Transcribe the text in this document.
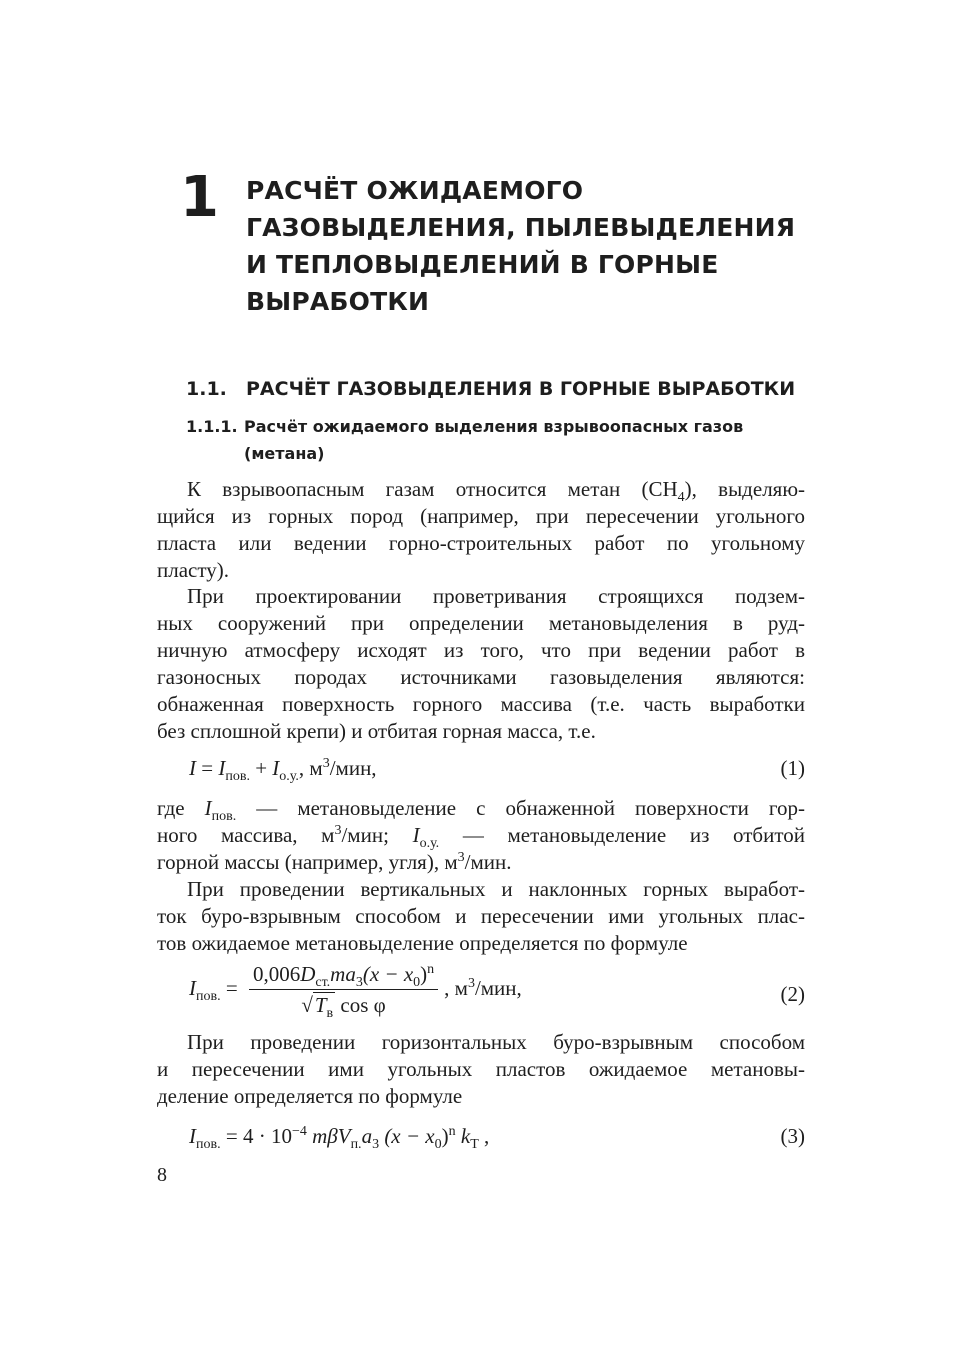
1 РАСЧЁТ ОЖИДАЕМОГО
ГАЗОВЫДЕЛЕНИЯ, ПЫЛЕВЫДЕЛЕНИЯ
И ТЕПЛОВЫДЕЛЕНИЙ В ГОРНЫЕ
ВЫРАБОТКИ
1.1. РАСЧЁТ ГАЗОВЫДЕЛЕНИЯ В ГОРНЫЕ ВЫРАБОТКИ
1.1.1. Расчёт ожидаемого выделения взрывоопасных газов
(метана)
К взрывоопасным газам относится метан $(CH_4)$, выделяю-
щийся из горных пород (например, при пересечении угольного
пласта или ведении горно-строительных работ по угольному
пласту).
При проектировании проветривания строящихся подзем-
ных сооружений при определении метановыделения в руд-
ничную атмосферу исходят из того, что при ведении работ в
газоносных породах источниками газовыделения являются:
обнаженная поверхность горного массива (т.е. часть выработки
без сплошной крепи) и отбитая горная масса, т.е.
$I = I_{пов.} + I_{о.у.}$, $м^3$/мин,	(1)
где $I_{пов.}$ — метановыделение с обнаженной поверхности гор-
ного массива, $м^3$/мин; $I_{о.у.}$ — метановыделение из отбитой
горной массы (например, угля), $м^3$/мин.
При проведении вертикальных и наклонных горных выработ-
ток буро-взрывным способом и пересечении ими угольных плас-
тов ожидаемое метановыделение определяется по формуле
$I_{пов.} = \frac{0,006D_{ст.}ma_3(x - x_0)^n}{√T_в \cos \varphi}$ , $м^3$/мин,	(2)
При проведении горизонтальных буро-взрывным способом
и пересечении ими угольных пластов ожидаемое метановы-
деление определяется по формуле
$I_{пов.} = 4 \cdot 10^{-4}$ $m\beta V_{п.}a_3$ $(x - x_0)^n$ $k_Т$ ,	(3)
8
